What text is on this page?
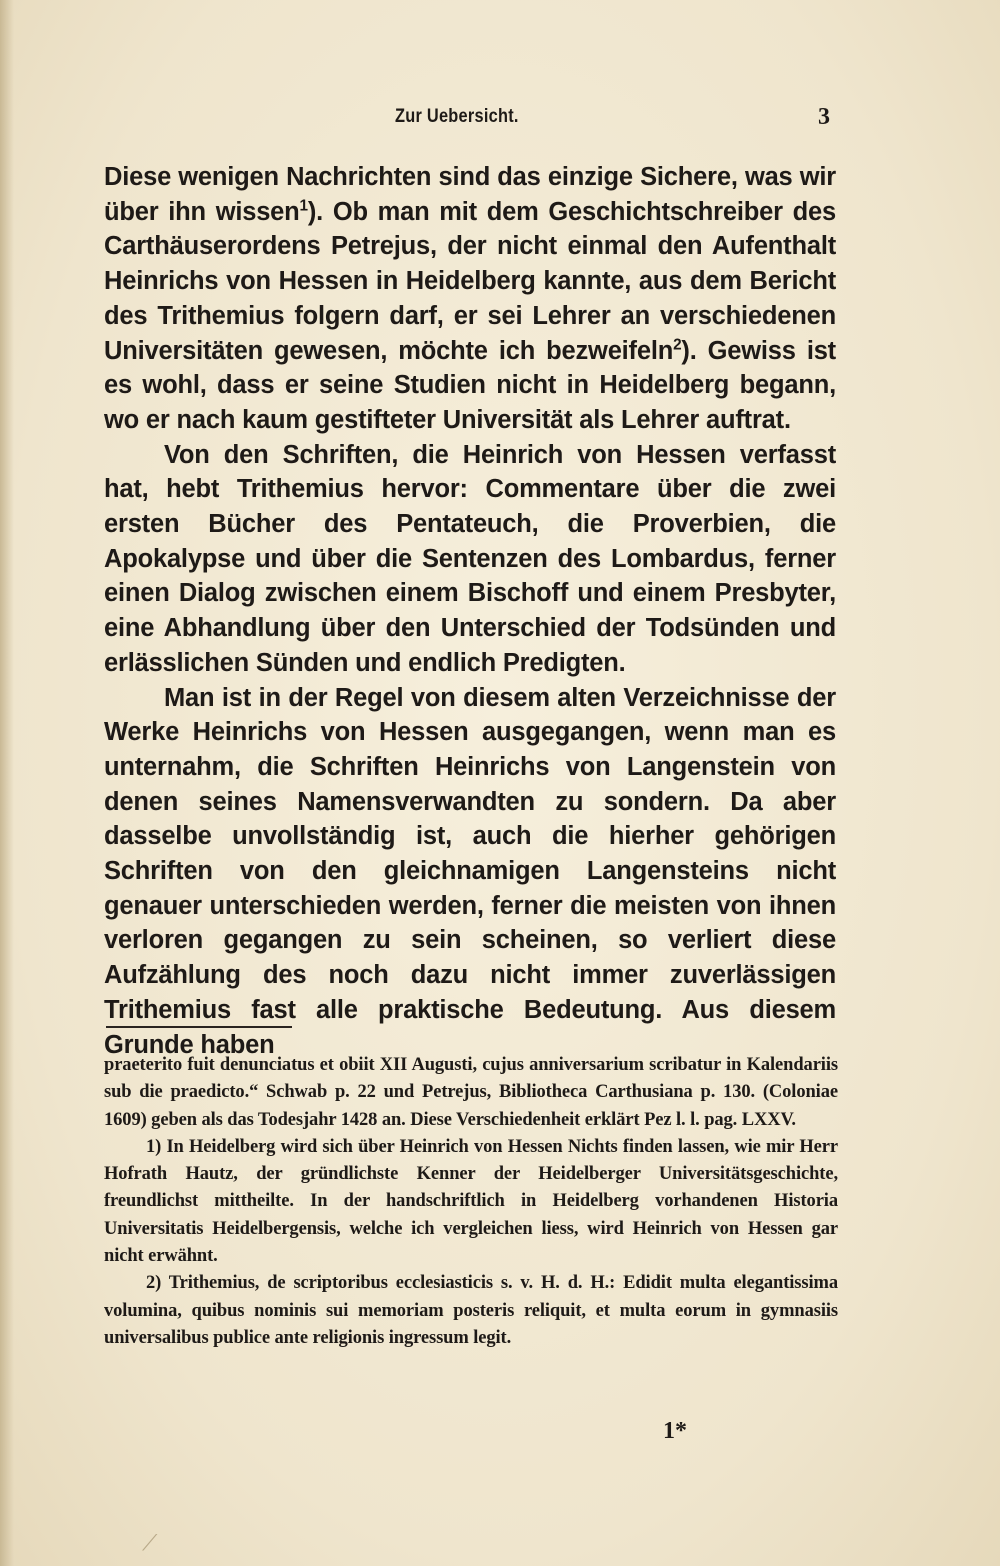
Zur Uebersicht.	3

Diese wenigen Nachrichten sind das einzige Sichere, was wir über ihn wissen$^1$). Ob man mit dem Geschichtschreiber des Carthäuserordens Petrejus, der nicht einmal den Aufenthalt Heinrichs von Hessen in Heidelberg kannte, aus dem Bericht des Trithemius folgern darf, er sei Lehrer an verschiedenen Universitäten gewesen, möchte ich bezweifeln$^2$). Gewiss ist es wohl, dass er seine Studien nicht in Heidelberg begann, wo er nach kaum gestifteter Universität als Lehrer auftrat.

Von den Schriften, die Heinrich von Hessen verfasst hat, hebt Trithemius hervor: Commentare über die zwei ersten Bücher des Pentateuch, die Proverbien, die Apokalypse und über die Sentenzen des Lombardus, ferner einen Dialog zwischen einem Bischoff und einem Presbyter, eine Abhandlung über den Unterschied der Todsünden und erlässlichen Sünden und endlich Predigten.

Man ist in der Regel von diesem alten Verzeichnisse der Werke Heinrichs von Hessen ausgegangen, wenn man es unternahm, die Schriften Heinrichs von Langenstein von denen seines Namensverwandten zu sondern. Da aber dasselbe unvollständig ist, auch die hierher gehörigen Schriften von den gleichnamigen Langensteins nicht genauer unterschieden werden, ferner die meisten von ihnen verloren gegangen zu sein scheinen, so verliert diese Aufzählung des noch dazu nicht immer zuverlässigen Trithemius fast alle praktische Bedeutung. Aus diesem Grunde haben

praeterito fuit denunciatus et obiit XII Augusti, cujus anniversarium scribatur in Kalendariis sub die praedicto.“ Schwab p. 22 und Petrejus, Bibliotheca Carthusiana p. 130. (Coloniae 1609) geben als das Todesjahr 1428 an. Diese Verschiedenheit erklärt Pez l. l. pag. LXXV.

1) In Heidelberg wird sich über Heinrich von Hessen Nichts finden lassen, wie mir Herr Hofrath Hautz, der gründlichste Kenner der Heidelberger Universitätsgeschichte, freundlichst mittheilte. In der handschriftlich in Heidelberg vorhandenen Historia Universitatis Heidelbergensis, welche ich vergleichen liess, wird Heinrich von Hessen gar nicht erwähnt.

2) Trithemius, de scriptoribus ecclesiasticis s. v. H. d. H.: Edidit multa elegantissima volumina, quibus nominis sui memoriam posteris reliquit, et multa eorum in gymnasiis universalibus publice ante religionis ingressum legit.

1*
⟋
